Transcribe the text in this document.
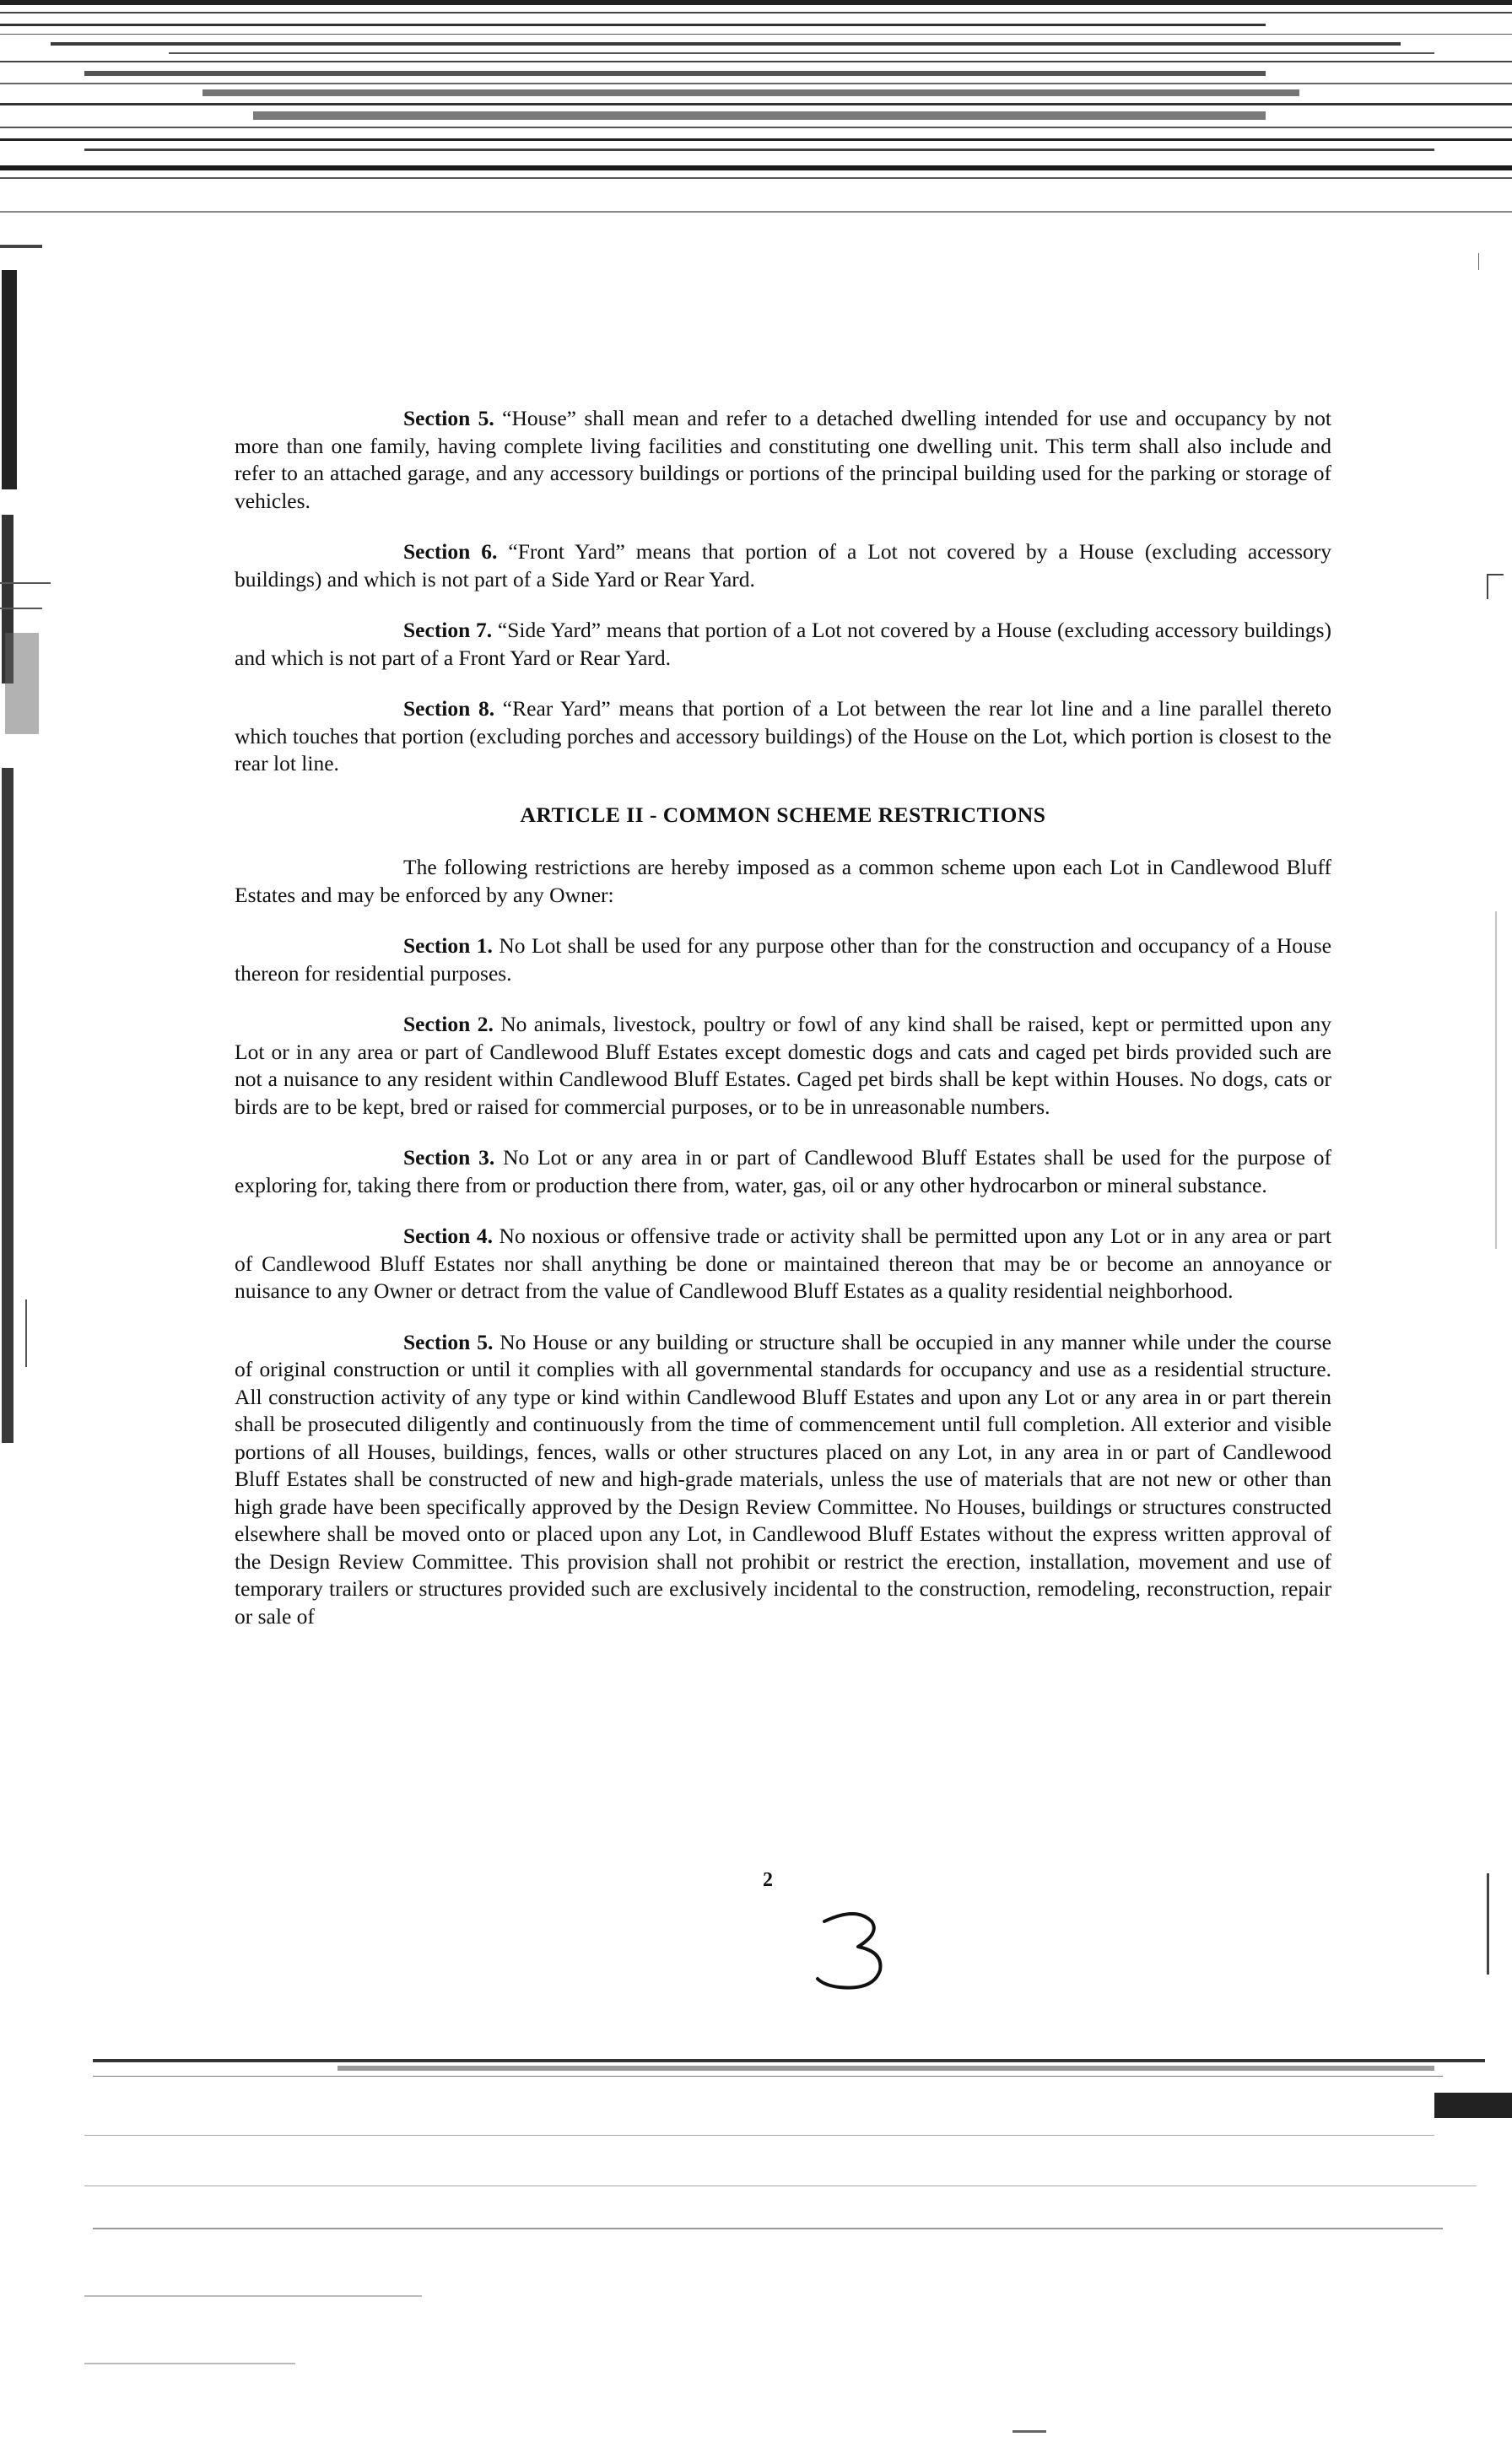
Section 5. “House” shall mean and refer to a detached dwelling intended for use and occupancy by not more than one family, having complete living facilities and constituting one dwelling unit. This term shall also include and refer to an attached garage, and any accessory buildings or portions of the principal building used for the parking or storage of vehicles.

Section 6. “Front Yard” means that portion of a Lot not covered by a House (excluding accessory buildings) and which is not part of a Side Yard or Rear Yard.

Section 7. “Side Yard” means that portion of a Lot not covered by a House (excluding accessory buildings) and which is not part of a Front Yard or Rear Yard.

Section 8. “Rear Yard” means that portion of a Lot between the rear lot line and a line parallel thereto which touches that portion (excluding porches and accessory buildings) of the House on the Lot, which portion is closest to the rear lot line.

ARTICLE II - COMMON SCHEME RESTRICTIONS

The following restrictions are hereby imposed as a common scheme upon each Lot in Candlewood Bluff Estates and may be enforced by any Owner:

Section 1. No Lot shall be used for any purpose other than for the construction and occupancy of a House thereon for residential purposes.

Section 2. No animals, livestock, poultry or fowl of any kind shall be raised, kept or permitted upon any Lot or in any area or part of Candlewood Bluff Estates except domestic dogs and cats and caged pet birds provided such are not a nuisance to any resident within Candlewood Bluff Estates. Caged pet birds shall be kept within Houses. No dogs, cats or birds are to be kept, bred or raised for commercial purposes, or to be in unreasonable numbers.

Section 3. No Lot or any area in or part of Candlewood Bluff Estates shall be used for the purpose of exploring for, taking there from or production there from, water, gas, oil or any other hydrocarbon or mineral substance.

Section 4. No noxious or offensive trade or activity shall be permitted upon any Lot or in any area or part of Candlewood Bluff Estates nor shall anything be done or maintained thereon that may be or become an annoyance or nuisance to any Owner or detract from the value of Candlewood Bluff Estates as a quality residential neighborhood.

Section 5. No House or any building or structure shall be occupied in any manner while under the course of original construction or until it complies with all governmental standards for occupancy and use as a residential structure. All construction activity of any type or kind within Candlewood Bluff Estates and upon any Lot or any area in or part therein shall be prosecuted diligently and continuously from the time of commencement until full completion. All exterior and visible portions of all Houses, buildings, fences, walls or other structures placed on any Lot, in any area in or part of Candlewood Bluff Estates shall be constructed of new and high-grade materials, unless the use of materials that are not new or other than high grade have been specifically approved by the Design Review Committee. No Houses, buildings or structures constructed elsewhere shall be moved onto or placed upon any Lot, in Candlewood Bluff Estates without the express written approval of the Design Review Committee. This provision shall not prohibit or restrict the erection, installation, movement and use of temporary trailers or structures provided such are exclusively incidental to the construction, remodeling, reconstruction, repair or sale of

2
